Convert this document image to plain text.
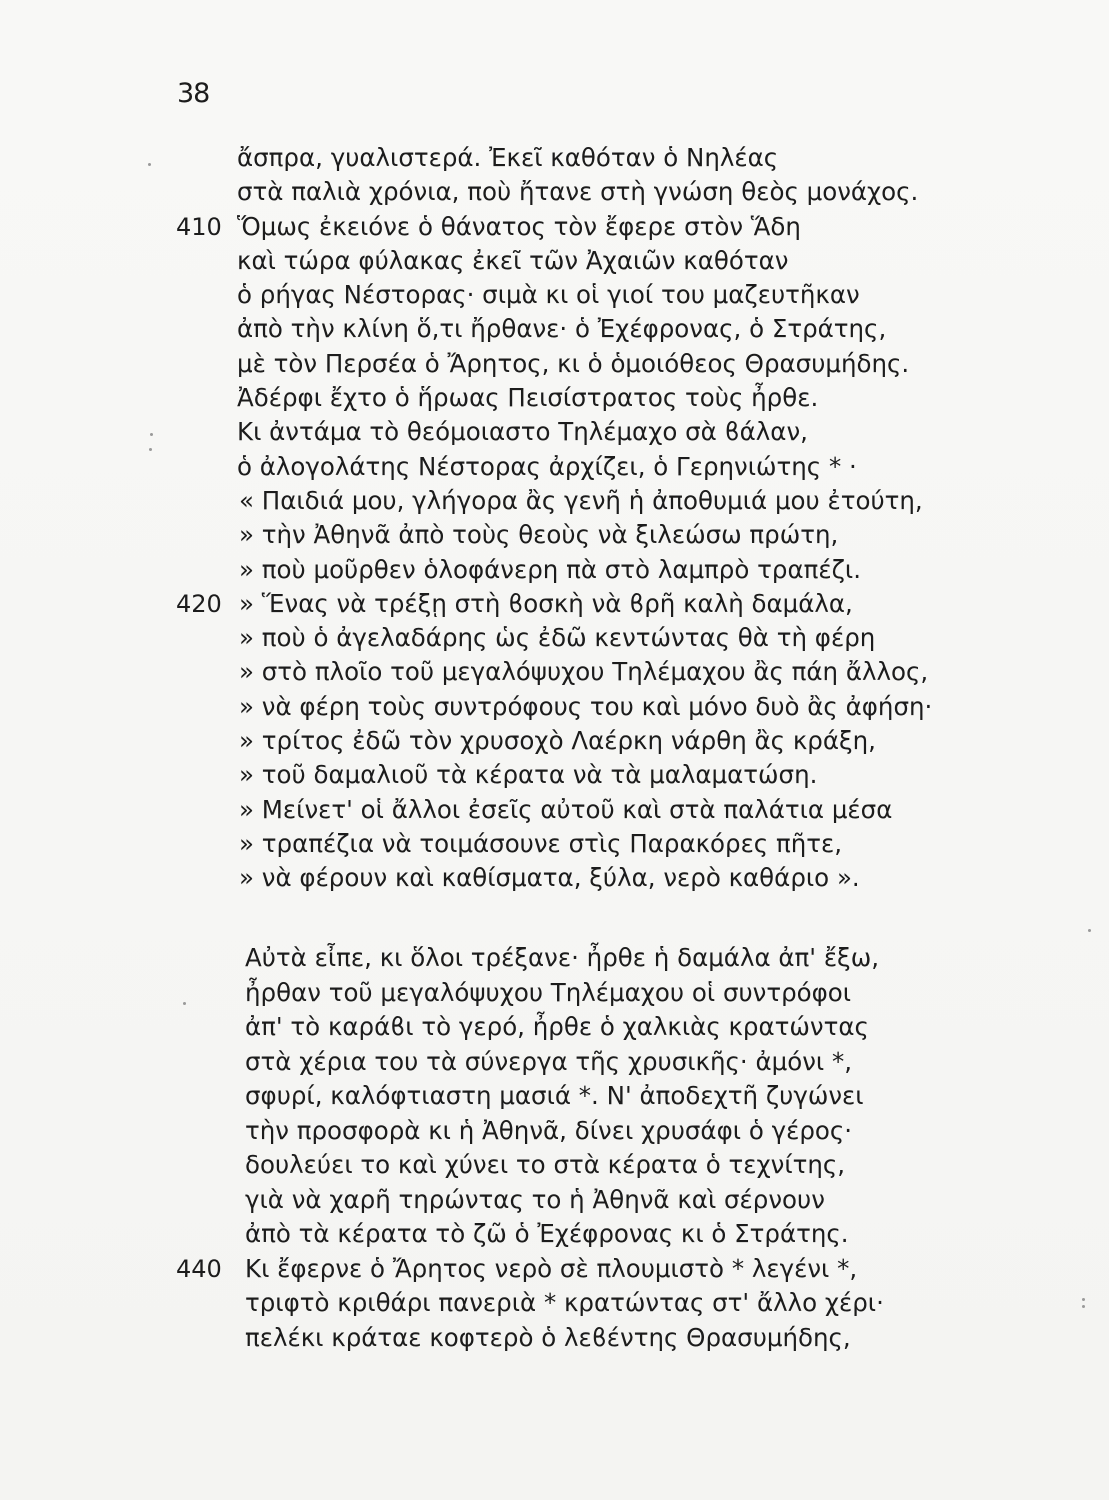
38
ἄσπρα, γυαλιστερά. Ἐκεῖ καθόταν ὁ Νηλέας
στὰ παλιὰ χρόνια, ποὺ ἤτανε στὴ γνώση θεὸς μονάχος.
410 Ὅμως ἐκειόνε ὁ θάνατος τὸν ἔφερε στὸν Ἅδη
καὶ τώρα φύλακας ἐκεῖ τῶν Ἀχαιῶν καθόταν
ὁ ρήγας Νέστορας· σιμὰ κι οἱ γιοί του μαζευτῆκαν
ἀπὸ τὴν κλίνη ὅ,τι ἤρθανε· ὁ Ἐχέφρονας, ὁ Στράτης,
μὲ τὸν Περσέα ὁ Ἄρητος, κι ὁ ὁμοιόθεος Θρασυμήδης.
Ἀδέρφι ἔχτο ὁ ἥρωας Πεισίστρατος τοὺς ἦρθε.
Κι ἀντάμα τὸ θεόμοιαστο Τηλέμαχο σὰ ϐάλαν,
ὁ ἀλογολάτης Νέστορας ἀρχίζει, ὁ Γερηνιώτης * ·
« Παιδιά μου, γλήγορα ἂς γενῆ ἡ ἀποθυμιά μου ἐτούτη,
» τὴν Ἀθηνᾶ ἀπὸ τοὺς θεοὺς νὰ ξιλεώσω πρώτη,
» ποὺ μοῦρθεν ὁλοφάνερη πὰ στὸ λαμπρὸ τραπέζι.
420 » Ἕνας νὰ τρέξῃ στὴ ϐοσκὴ νὰ ϐρῆ καλὴ δαμάλα,
» ποὺ ὁ ἀγελαδάρης ὡς ἐδῶ κεντώντας θὰ τὴ φέρη
» στὸ πλοῖο τοῦ μεγαλόψυχου Τηλέμαχου ἂς πάη ἄλλος,
» νὰ φέρη τοὺς συντρόφους του καὶ μόνο δυὸ ἂς ἀφήση·
» τρίτος ἐδῶ τὸν χρυσοχὸ Λαέρκη νάρθη ἂς κράξη,
» τοῦ δαμαλιοῦ τὰ κέρατα νὰ τὰ μαλαματώση.
» Μείνετ' οἱ ἄλλοι ἐσεῖς αὐτοῦ καὶ στὰ παλάτια μέσα
» τραπέζια νὰ τοιμάσουνε στὶς Παρακόρες πῆτε,
» νὰ φέρουν καὶ καθίσματα, ξύλα, νερὸ καθάριο ».
Αὐτὰ εἶπε, κι ὅλοι τρέξανε· ἦρθε ἡ δαμάλα ἀπ' ἔξω,
ἦρθαν τοῦ μεγαλόψυχου Τηλέμαχου οἱ συντρόφοι
ἀπ' τὸ καράϐι τὸ γερό, ἦρθε ὁ χαλκιὰς κρατώντας
στὰ χέρια του τὰ σύνεργα τῆς χρυσικῆς· ἀμόνι *,
σφυρί, καλόφτιαστη μασιά *. Ν' ἀποδεχτῆ ζυγώνει
τὴν προσφορὰ κι ἡ Ἀθηνᾶ, δίνει χρυσάφι ὁ γέρος·
δουλεύει το καὶ χύνει το στὰ κέρατα ὁ τεχνίτης,
γιὰ νὰ χαρῆ τηρώντας το ἡ Ἀθηνᾶ καὶ σέρνουν
ἀπὸ τὰ κέρατα τὸ ζῶ ὁ Ἐχέφρονας κι ὁ Στράτης.
440 Κι ἔφερνε ὁ Ἄρητος νερὸ σὲ πλουμιστὸ * λεγένι *,
τριφτὸ κριθάρι πανεριὰ * κρατώντας στ' ἄλλο χέρι·
πελέκι κράταε κοφτερὸ ὁ λεϐέντης Θρασυμήδης,
